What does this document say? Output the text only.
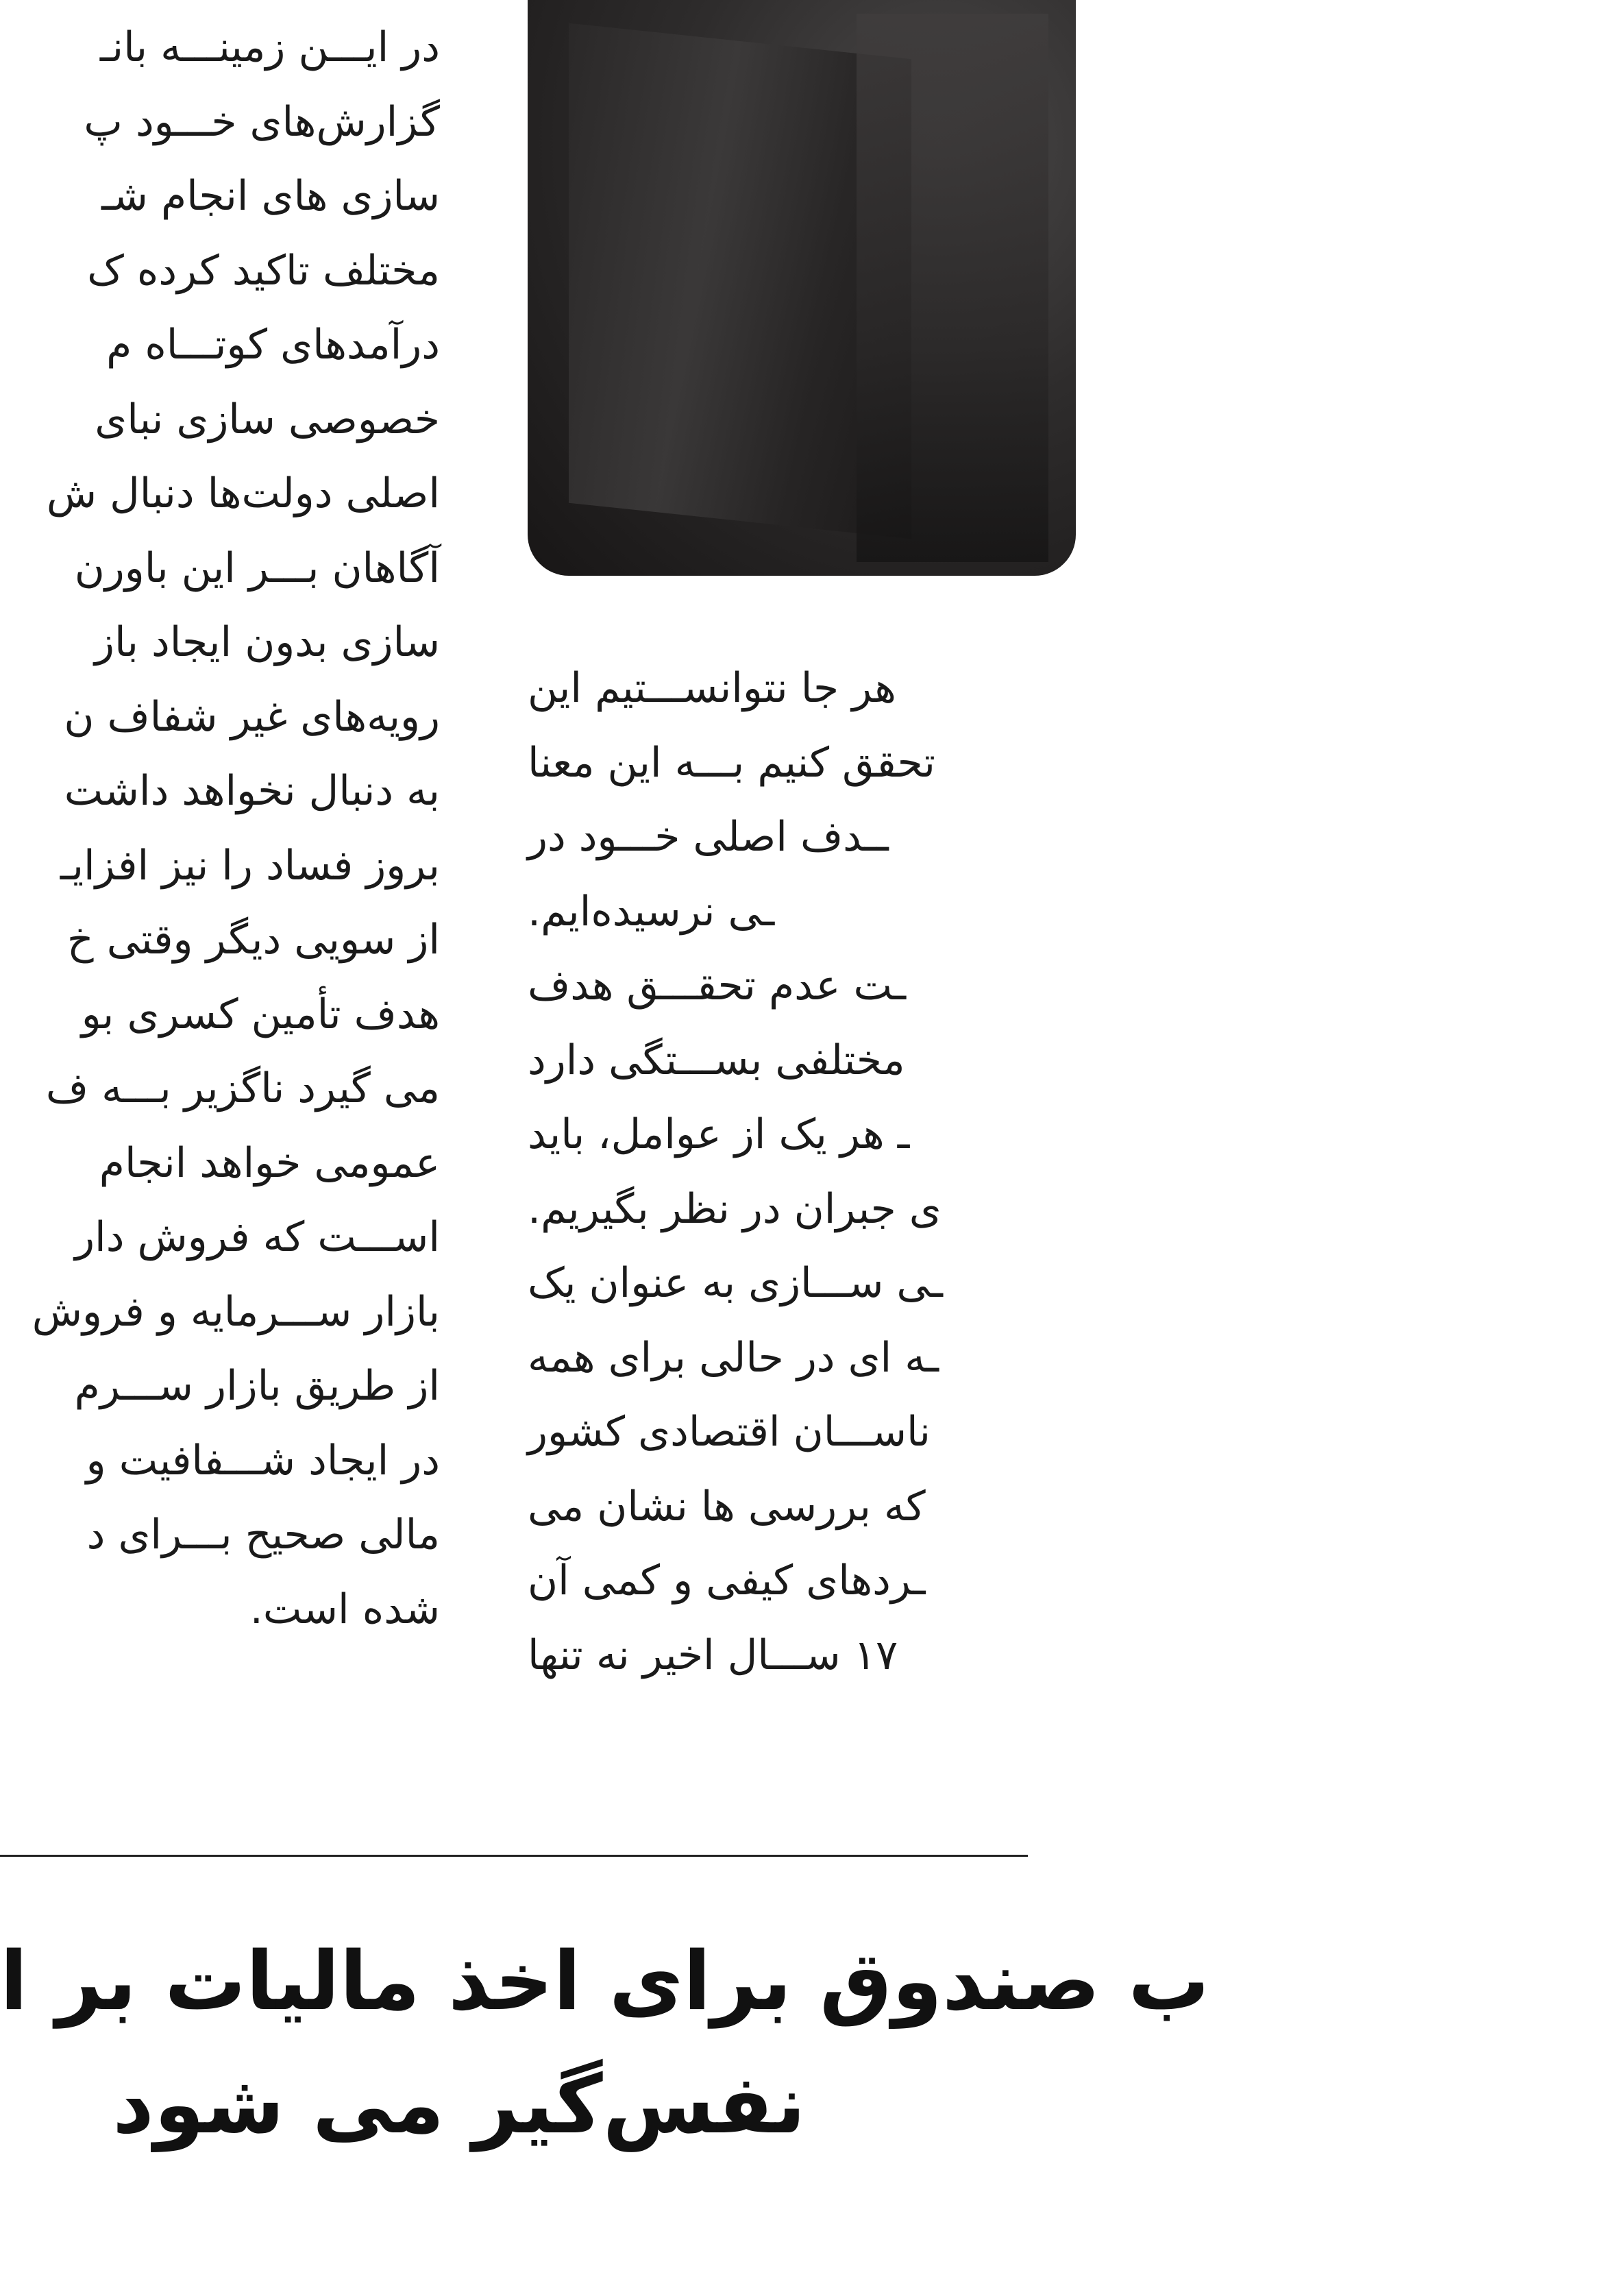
در ایـــن زمینـــه بانـ
گزارش‌های خـــود پ
سازی های انجام شـ
مختلف تاکید کرده ک
درآمدهای کوتـــاه م
خصوصی سازی نبای
اصلی دولت‌ها دنبال ش
آگاهان بـــر این باورن
سازی بدون ایجاد باز
رویه‌های غیر شفاف ن
به دنبال نخواهد داشت
بروز فساد را نیز افزایـ
از سویی دیگر وقتی خ
هدف تأمین کسری بو
می گیرد ناگزیر بـــه ف
عمومی خواهد انجام
اســـت که فروش دار
بازار ســـرمایه و فروش
از طریق بازار ســـرم
در ایجاد شـــفافیت و
مالی صحیح بـــرای د
شده است.
هر جا نتوانســـتیم این
تحقق کنیم بـــه این معنا
ــدف اصلی خـــود در
ـی نرسیده‌ایم.
ـت عدم تحقـــق هدف
مختلفی بســـتگی دارد
ـ هر یک از عوامل، باید
ی جبران در نظر بگیریم.
ـی ســـازی به عنوان یک
ـه ای در حالی برای همه
ناســـان اقتصادی کشور
که بررسی ها نشان می
ـردهای کیفی و کمی آن
۱۷ ســـال اخیر نه تنها
ب صندوق برای اخذ مالیات بر ا
نفس‌گیر می شود
